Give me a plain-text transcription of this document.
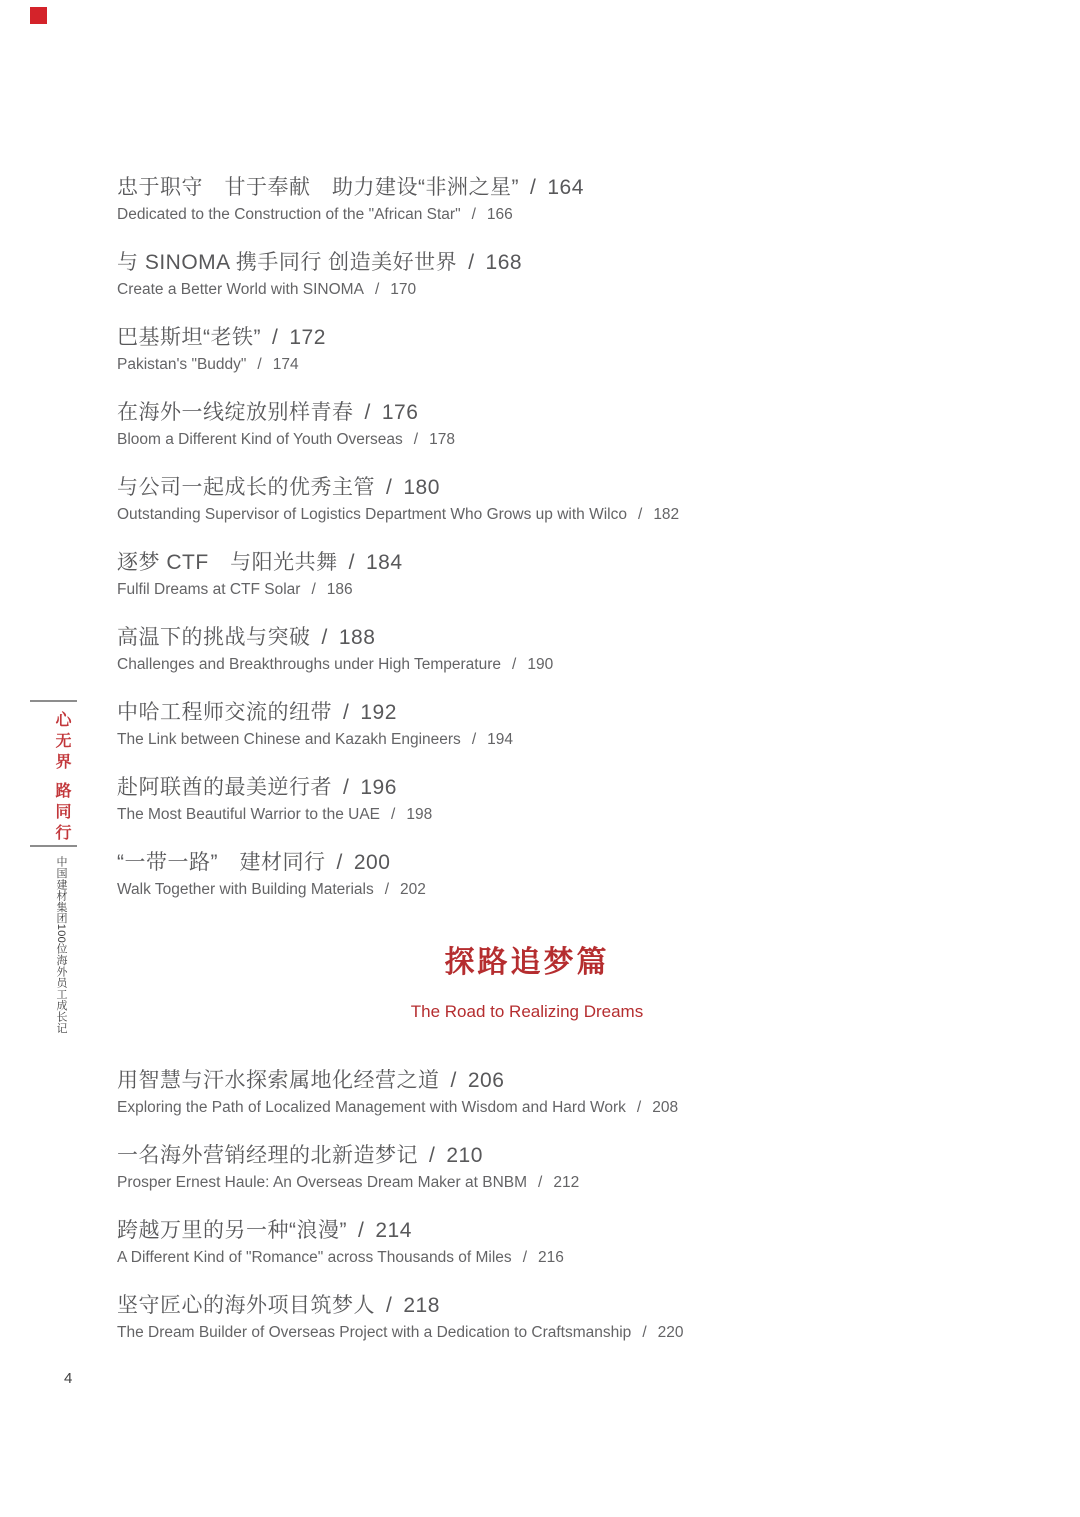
心无界路同行
中国建材集团100位海外员工成长记
忠于职守　甘于奉献　助力建设“非洲之星” / 164
Dedicated to the Construction of the "African Star" / 166
与 SINOMA 携手同行 创造美好世界 / 168
Create a Better World with SINOMA / 170
巴基斯坦“老铁” / 172
Pakistan's "Buddy" / 174
在海外一线绽放别样青春 / 176
Bloom a Different Kind of Youth Overseas / 178
与公司一起成长的优秀主管 / 180
Outstanding Supervisor of Logistics Department Who Grows up with Wilco / 182
逐梦 CTF　与阳光共舞 / 184
Fulfil Dreams at CTF Solar / 186
高温下的挑战与突破 / 188
Challenges and Breakthroughs under High Temperature / 190
中哈工程师交流的纽带 / 192
The Link between Chinese and Kazakh Engineers / 194
赴阿联酋的最美逆行者 / 196
The Most Beautiful Warrior to the UAE / 198
“一带一路”　建材同行 / 200
Walk Together with Building Materials / 202
探路追梦篇
The Road to Realizing Dreams
用智慧与汗水探索属地化经营之道 / 206
Exploring the Path of Localized Management with Wisdom and Hard Work / 208
一名海外营销经理的北新造梦记 / 210
Prosper Ernest Haule: An Overseas Dream Maker at BNBM / 212
跨越万里的另一种“浪漫” / 214
A Different Kind of "Romance" across Thousands of Miles / 216
坚守匠心的海外项目筑梦人 / 218
The Dream Builder of Overseas Project with a Dedication to Craftsmanship / 220
4
